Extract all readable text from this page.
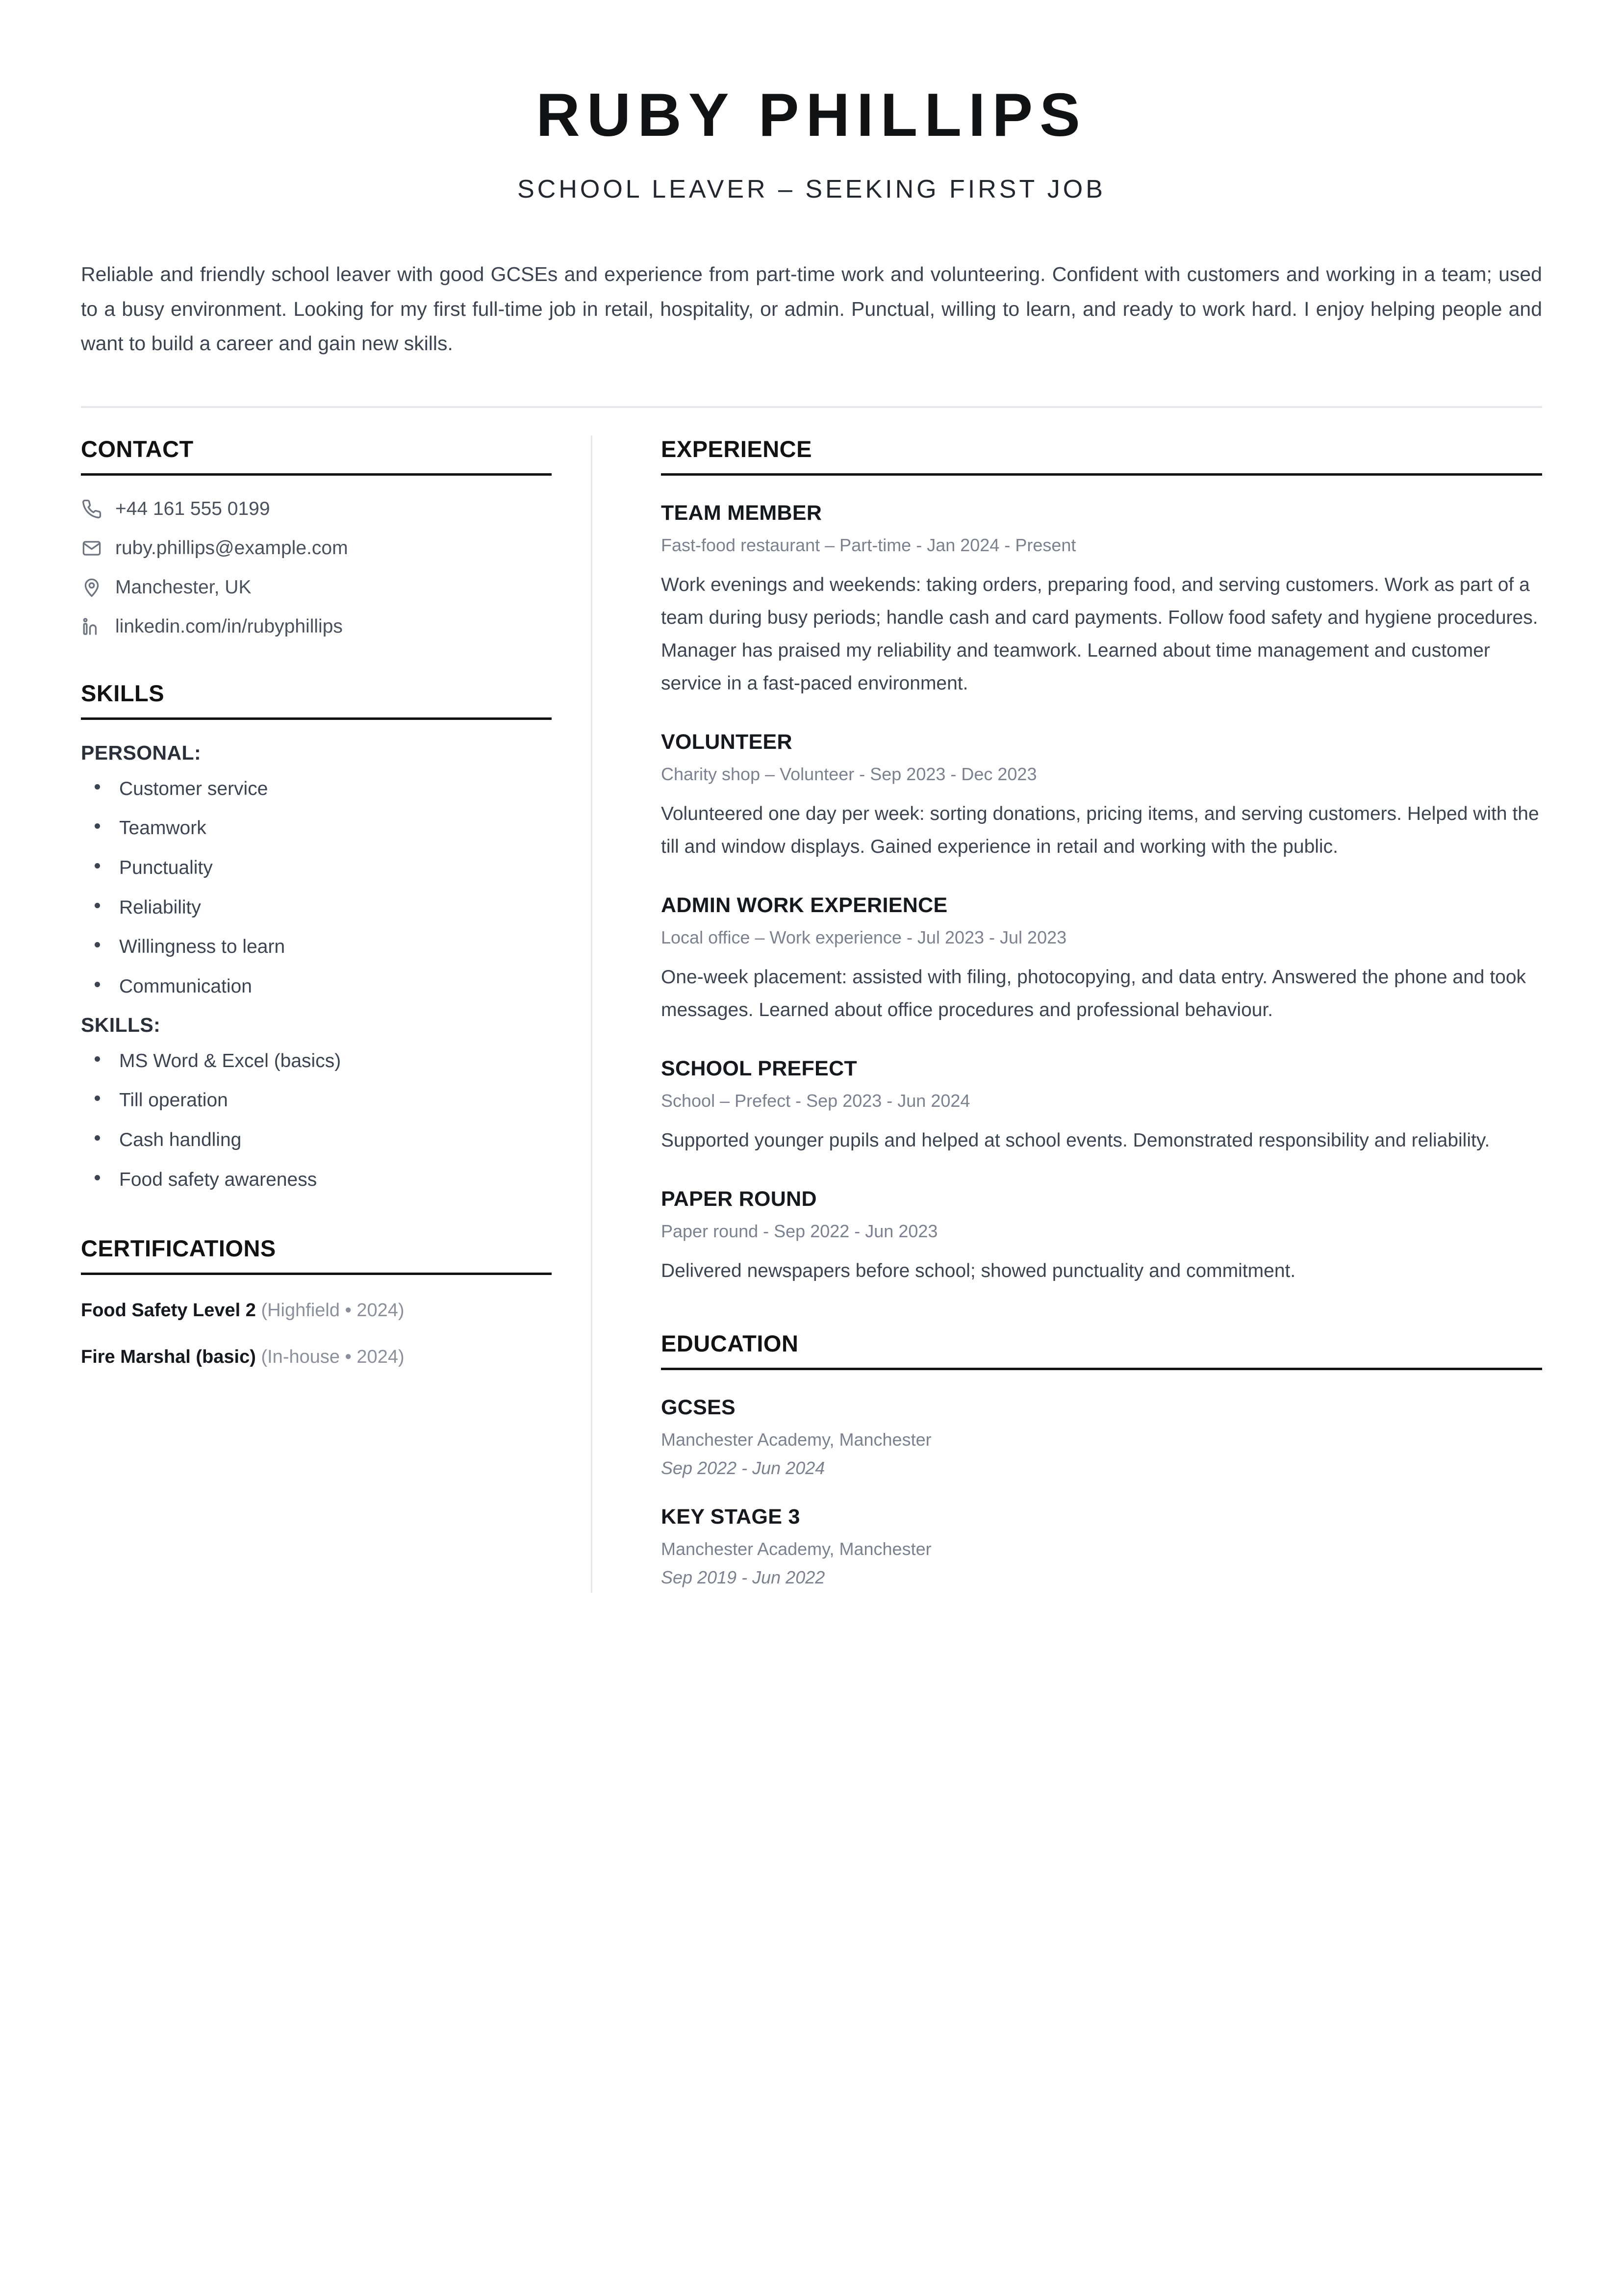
RUBY PHILLIPS
SCHOOL LEAVER – SEEKING FIRST JOB
Reliable and friendly school leaver with good GCSEs and experience from part-time work and volunteering. Confident with customers and working in a team; used to a busy environment. Looking for my first full-time job in retail, hospitality, or admin. Punctual, willing to learn, and ready to work hard. I enjoy helping people and want to build a career and gain new skills.
CONTACT
+44 161 555 0199
ruby.phillips@example.com
Manchester, UK
linkedin.com/in/rubyphillips
SKILLS
PERSONAL:
Customer service
Teamwork
Punctuality
Reliability
Willingness to learn
Communication
SKILLS:
MS Word & Excel (basics)
Till operation
Cash handling
Food safety awareness
CERTIFICATIONS
Food Safety Level 2 (Highfield • 2024)
Fire Marshal (basic) (In-house • 2024)
EXPERIENCE
TEAM MEMBER
Fast-food restaurant – Part-time - Jan 2024 - Present
Work evenings and weekends: taking orders, preparing food, and serving customers. Work as part of a team during busy periods; handle cash and card payments. Follow food safety and hygiene procedures. Manager has praised my reliability and teamwork. Learned about time management and customer service in a fast-paced environment.
VOLUNTEER
Charity shop – Volunteer - Sep 2023 - Dec 2023
Volunteered one day per week: sorting donations, pricing items, and serving customers. Helped with the till and window displays. Gained experience in retail and working with the public.
ADMIN WORK EXPERIENCE
Local office – Work experience - Jul 2023 - Jul 2023
One-week placement: assisted with filing, photocopying, and data entry. Answered the phone and took messages. Learned about office procedures and professional behaviour.
SCHOOL PREFECT
School – Prefect - Sep 2023 - Jun 2024
Supported younger pupils and helped at school events. Demonstrated responsibility and reliability.
PAPER ROUND
Paper round - Sep 2022 - Jun 2023
Delivered newspapers before school; showed punctuality and commitment.
EDUCATION
GCSES
Manchester Academy, Manchester
Sep 2022 - Jun 2024
KEY STAGE 3
Manchester Academy, Manchester
Sep 2019 - Jun 2022
